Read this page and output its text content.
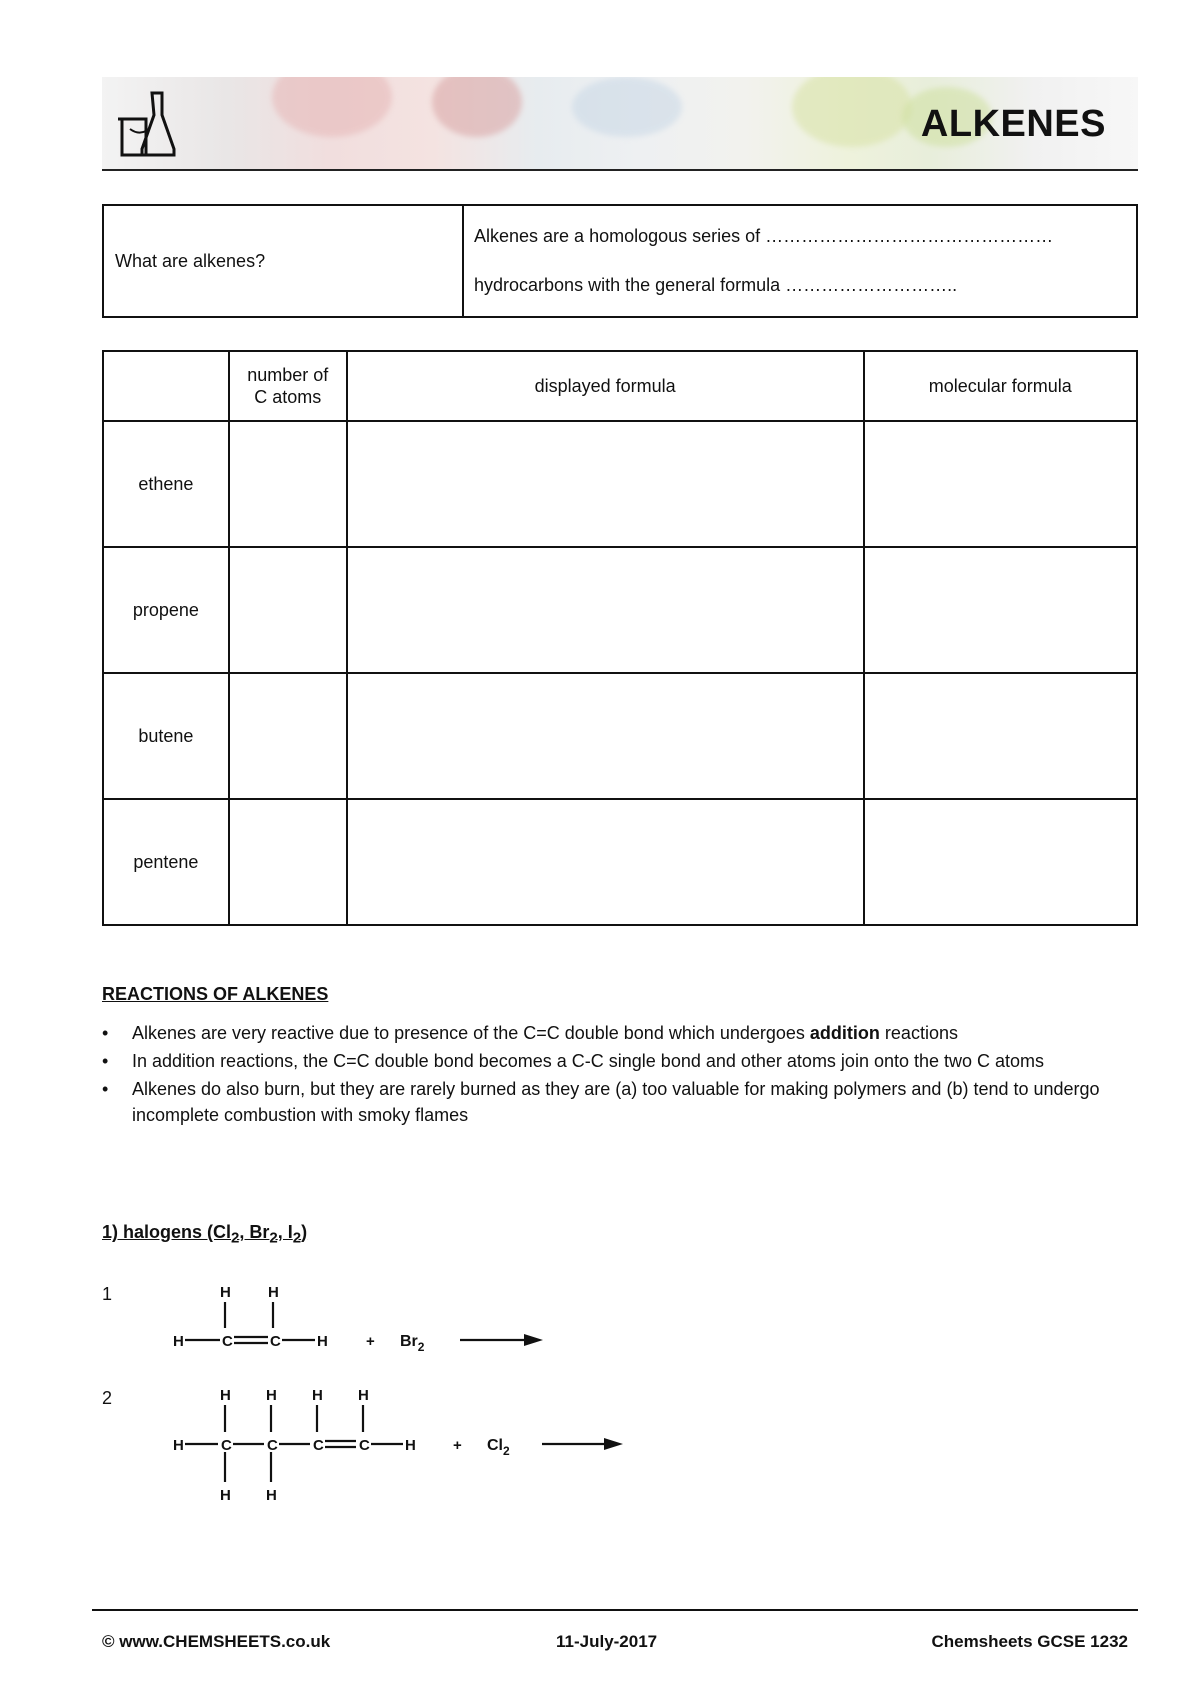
ALKENES
What are alkenes?
Alkenes are a homologous series of …………………………………………
hydrocarbons with the general formula ………………………..

	number of C atoms	displayed formula	molecular formula
ethene			
propene			
butene			
pentene			
REACTIONS OF ALKENES
• Alkenes are very reactive due to presence of the C=C double bond which undergoes addition reactions
• In addition reactions, the C=C double bond becomes a C-C single bond and other atoms join onto the two C atoms
• Alkenes do also burn, but they are rarely burned as they are (a) too valuable for making polymers and (b) tend to undergo incomplete combustion with smoky flames
1) halogens ($Cl_2$, $Br_2$, $I_2$)
1	H H
H	C C H	+ $Br_2$
2	H H H H
H C C C C H
H H
+ $Cl_2$
© www.CHEMSHEETS.co.uk	11-July-2017	Chemsheets GCSE 1232
